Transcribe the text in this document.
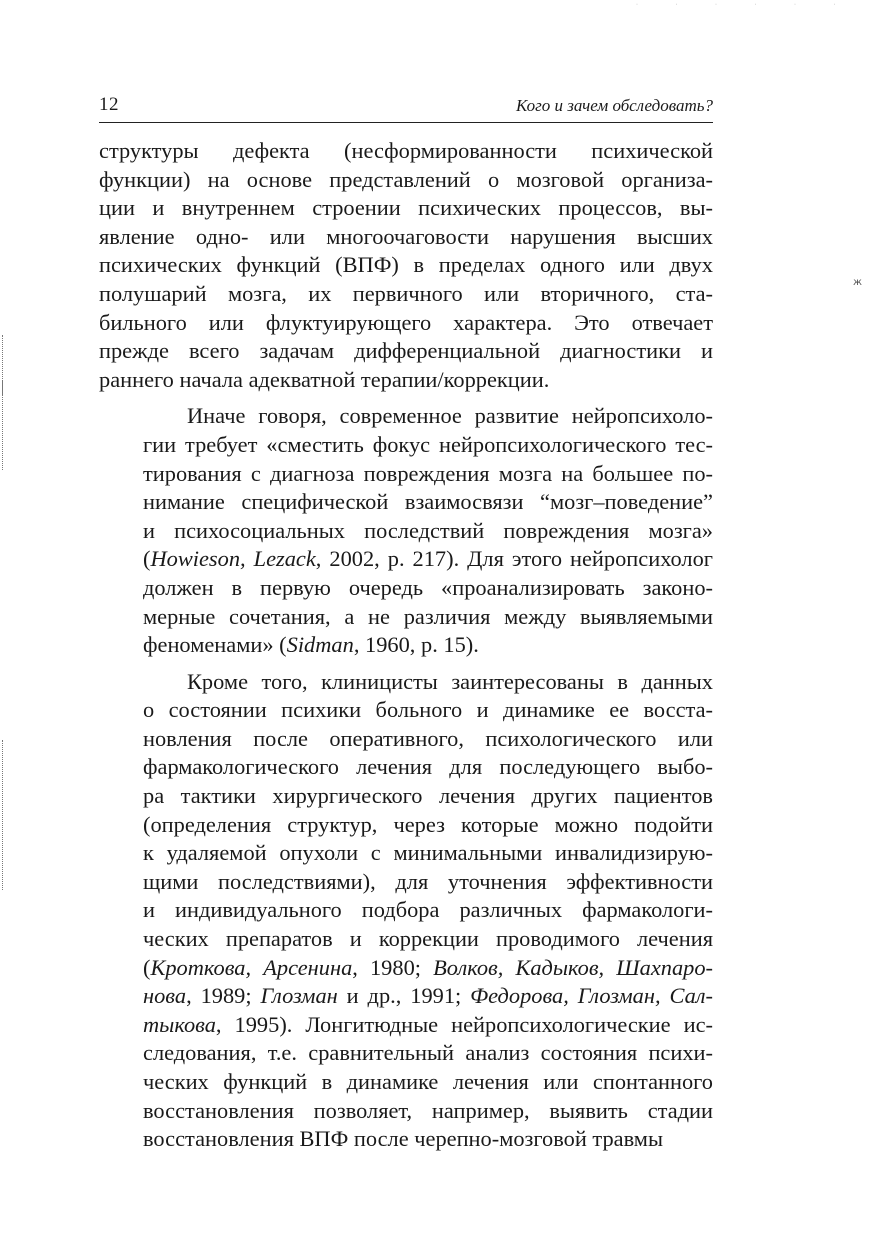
· · · · · ·
ж
12	Кого и зачем обследовать?
структуры дефекта (несформированности психической
функции) на основе представлений о мозговой организа-
ции и внутреннем строении психических процессов, вы-
явление одно- или многоочаговости нарушения высших
психических функций (ВПФ) в пределах одного или двух
полушарий мозга, их первичного или вторичного, ста-
бильного или флуктуирующего характера. Это отвечает
прежде всего задачам дифференциальной диагностики и
раннего начала адекватной терапии/коррекции.
Иначе говоря, современное развитие нейропсихоло-
гии требует «сместить фокус нейропсихологического тес-
тирования с диагноза повреждения мозга на большее по-
нимание специфической взаимосвязи “мозг–поведение”
и психосоциальных последствий повреждения мозга»
(Howieson, Lezack, 2002, p. 217). Для этого нейропсихолог
должен в первую очередь «проанализировать законо-
мерные сочетания, а не различия между выявляемыми
феноменами» (Sidman, 1960, p. 15).
Кроме того, клиницисты заинтересованы в данных
о состоянии психики больного и динамике ее восста-
новления после оперативного, психологического или
фармакологического лечения для последующего выбо-
ра тактики хирургического лечения других пациентов
(определения структур, через которые можно подойти
к удаляемой опухоли с минимальными инвалидизирую-
щими последствиями), для уточнения эффективности
и индивидуального подбора различных фармакологи-
ческих препаратов и коррекции проводимого лечения
(Кроткова, Арсенина, 1980; Волков, Кадыков, Шахпаро-
нова, 1989; Глозман и др., 1991; Федорова, Глозман, Сал-
тыкова, 1995). Лонгитюдные нейропсихологические ис-
следования, т.е. сравнительный анализ состояния психи-
ческих функций в динамике лечения или спонтанного
восстановления позволяет, например, выявить стадии
восстановления ВПФ после черепно-мозговой травмы
